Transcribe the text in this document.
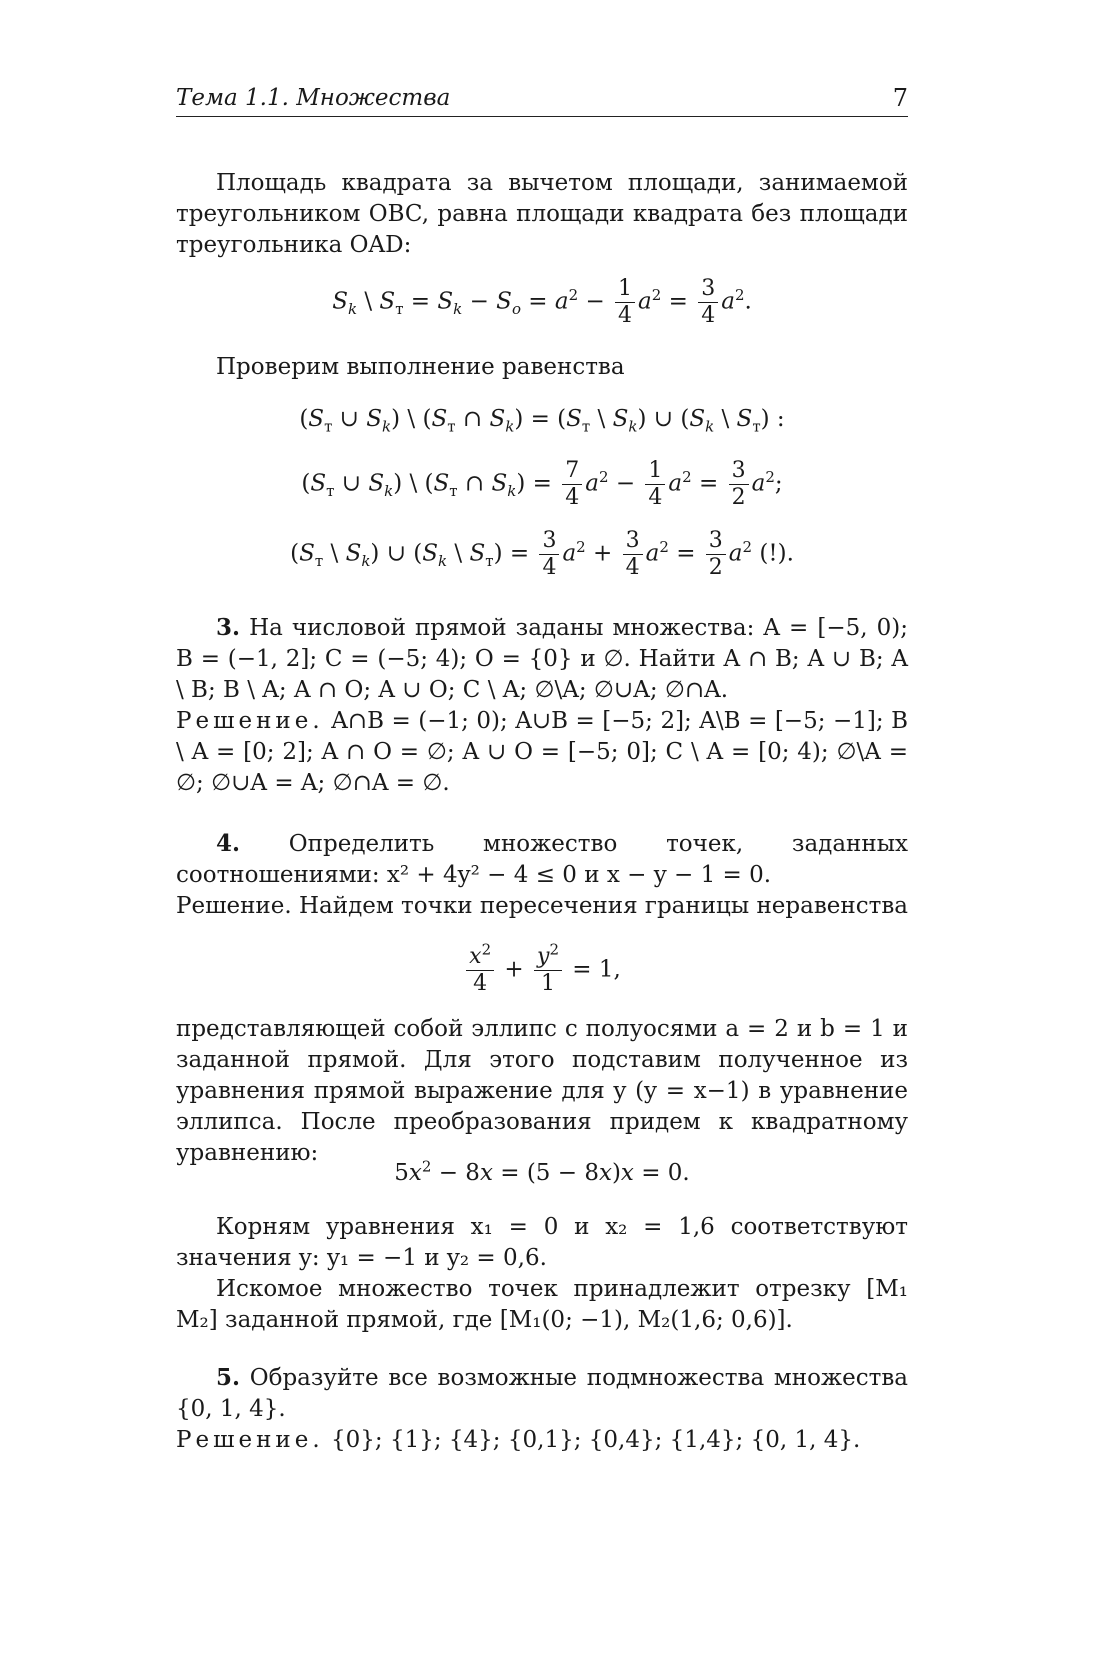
Тема 1.1. Множества	7

Площадь квадрата за вычетом площади, занимаемой треугольником OBC, равна площади квадрата без площади треугольника OAD:

$S_k$ \ $S_т = S_k - S_o = a^2 - \frac{1}{4} a^2 = \frac{3}{4} a^2$.

Проверим выполнение равенства

($S_т$ ∪ $S_k$) \ ($S_т$ ∩ $S_k) = (S_т$ \ $S_k$) ∪ ($S_k$ \ $S_т$) :
($S_т$ ∪ $S_k$) \ ($S_т$ ∩ $S_k) = \frac{7}{4} a^2 - \frac{1}{4} a^2 = \frac{3}{2} a^2$;
($S_т$ \ $S_k$) ∪ ($S_k$ \ $S_т) = \frac{3}{4} a^2 + \frac{3}{4} a^2 = \frac{3}{2} a^2$ (!).

3. На числовой прямой заданы множества: A = [−5, 0); B = (−1, 2]; C = (−5; 4); O = {0} и ∅. Найти A ∩ B; A ∪ B; A \ B; B \ A; A ∩ O; A ∪ O; C \ A; ∅\A; ∅∪A; ∅∩A.

Решение. A∩B = (−1; 0); A∪B = [−5; 2]; A\B = [−5; −1]; B \ A = [0; 2]; A ∩ O = ∅; A ∪ O = [−5; 0]; C \ A = [0; 4); ∅\A = ∅; ∅∪A = A; ∅∩A = ∅.

4. Определить множество точек, заданных соотношениями: x² + 4y² − 4 ≤ 0 и x − y − 1 = 0.

Решение. Найдем точки пересечения границы неравенства

$\frac{x^2}{4} + \frac{y^2}{1} = 1$,

представляющей собой эллипс с полуосями a = 2 и b = 1 и заданной прямой. Для этого подставим полученное из уравнения прямой выражение для y (y = x−1) в уравнение эллипса. После преобразования придем к квадратному уравнению:

$5x^2 - 8x = (5 - 8x)x = 0$.

Корням уравнения x₁ = 0 и x₂ = 1,6 соответствуют значения y: y₁ = −1 и y₂ = 0,6.

Искомое множество точек принадлежит отрезку [M₁ M₂] заданной прямой, где [M₁(0; −1), M₂(1,6; 0,6)].

5. Образуйте все возможные подмножества множества {0, 1, 4}.

Решение. {0}; {1}; {4}; {0,1}; {0,4}; {1,4}; {0, 1, 4}.
